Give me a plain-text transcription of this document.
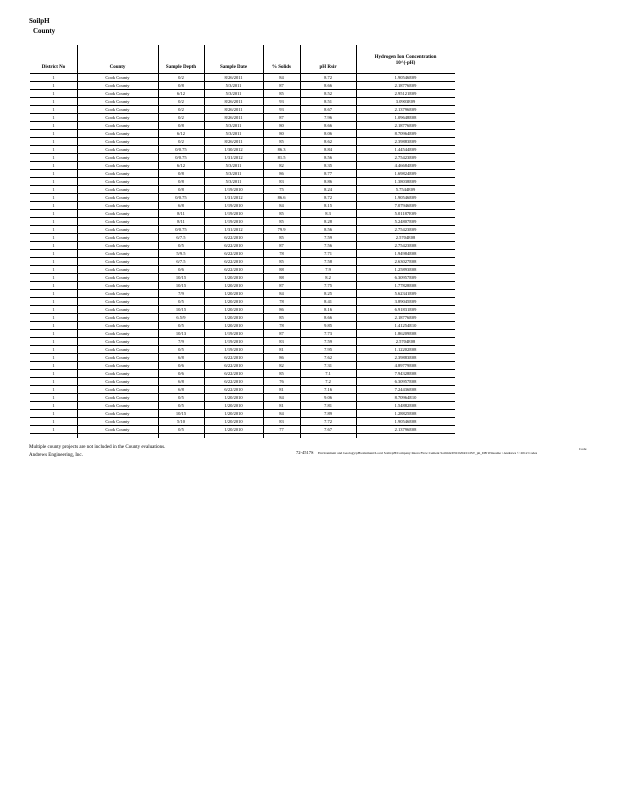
SoilpH
County
District No	County	Sample Depth	Sample Date	% Solids	pH Rsir
Hydrogen Ion Concentration
10^(-pH)
1	Cook County	0/2	8/26/2011	84	8.72	1.90546E09
1	Cook County	0/8	5/3/2011	87	8.66	2.18776E09
1	Cook County	6/12	5/3/2011	85	8.52	2.95121E09
1	Cook County	0/2	8/26/2011	93	8.51	3.0903E09
1	Cook County	0/2	8/26/2011	93	8.67	2.13796E09
1	Cook County	0/2	8/26/2011	87	7.96	1.09648E08
1	Cook County	0/8	5/3/2011	80	8.66	2.18776E09
1	Cook County	6/12	5/3/2011	80	8.06	8.70964E09
1	Cook County	0/2	8/26/2011	85	8.62	2.39883E09
1	Cook County	0/0.75	1/30/2012	86.3	8.84	1.44544E09
1	Cook County	0/0.75	1/31/2012	81.5	8.56	2.75423E09
1	Cook County	6/12	5/3/2011	82	8.35	4.46684E09
1	Cook County	0/8	5/3/2011	86	8.77	1.69824E09
1	Cook County	0/8	5/3/2011	83	8.86	1.38038E09
1	Cook County	0/8	1/19/2010	75	8.24	5.7544E09
1	Cook County	0/0.75	1/31/2012	86.6	8.72	1.90546E09
1	Cook County	6/8	1/19/2010	84	8.15	7.07946E09
1	Cook County	8/11	1/19/2010	85	8.3	5.01187E09
1	Cook County	8/11	1/19/2010	85	8.28	5.24807E09
1	Cook County	0/0.75	1/31/2012	79.9	8.56	2.75423E09
1	Cook County	6/7.5	6/22/2010	85	7.59	2.5704E08
1	Cook County	0/5	6/22/2010	87	7.56	2.75423E08
1	Cook County	5/9.5	6/22/2010	78	7.71	1.94984E08
1	Cook County	6/7.5	6/22/2010	85	7.58	2.63027E08
1	Cook County	0/6	6/22/2010	88	7.9	1.25893E08
1	Cook County	10/15	1/20/2010	88	8.2	6.30957E09
1	Cook County	10/15	1/20/2010	87	7.75	1.77828E08
1	Cook County	7/9	1/20/2010	84	8.25	5.62341E09
1	Cook County	0/5	1/20/2010	78	8.41	3.89045E09
1	Cook County	10/15	1/20/2010	86	8.16	6.91831E09
1	Cook County	6.5/9	1/20/2010	85	8.66	2.18776E09
1	Cook County	0/5	1/20/2010	78	9.85	1.41254E10
1	Cook County	10/13	1/19/2010	87	7.73	1.86209E08
1	Cook County	7/9	1/19/2010	83	7.59	2.5704E08
1	Cook County	0/5	1/19/2010	81	7.95	1.12202E08
1	Cook County	6/8	6/22/2010	86	7.62	2.39883E08
1	Cook County	0/6	6/22/2010	82	7.31	4.89779E08
1	Cook County	0/6	6/22/2010	85	7.1	7.94328E08
1	Cook County	6/8	6/22/2010	76	7.2	6.30957E08
1	Cook County	6/8	6/22/2010	81	7.16	7.24436E08
1	Cook County	0/5	1/20/2010	84	9.06	8.70964E10
1	Cook County	0/5	1/20/2010	81	7.81	1.54882E08
1	Cook County	10/15	1/20/2010	84	7.89	1.28825E08
1	Cook County	5/10	1/20/2010	83	7.72	1.90546E08
1	Cook County	0/5	1/20/2010	77	7.67	2.13796E08
Multiple county projects are not included in the County evaluations.
Andrews Engineering, Inc.
72-4517S Environment and Geology\pHsoilement\Local Soils\pH\Company Intera Flow Cement Soilmls\INC0204\COST_ph_DB Winsome \ Andrews © 2012 Codes
Code
